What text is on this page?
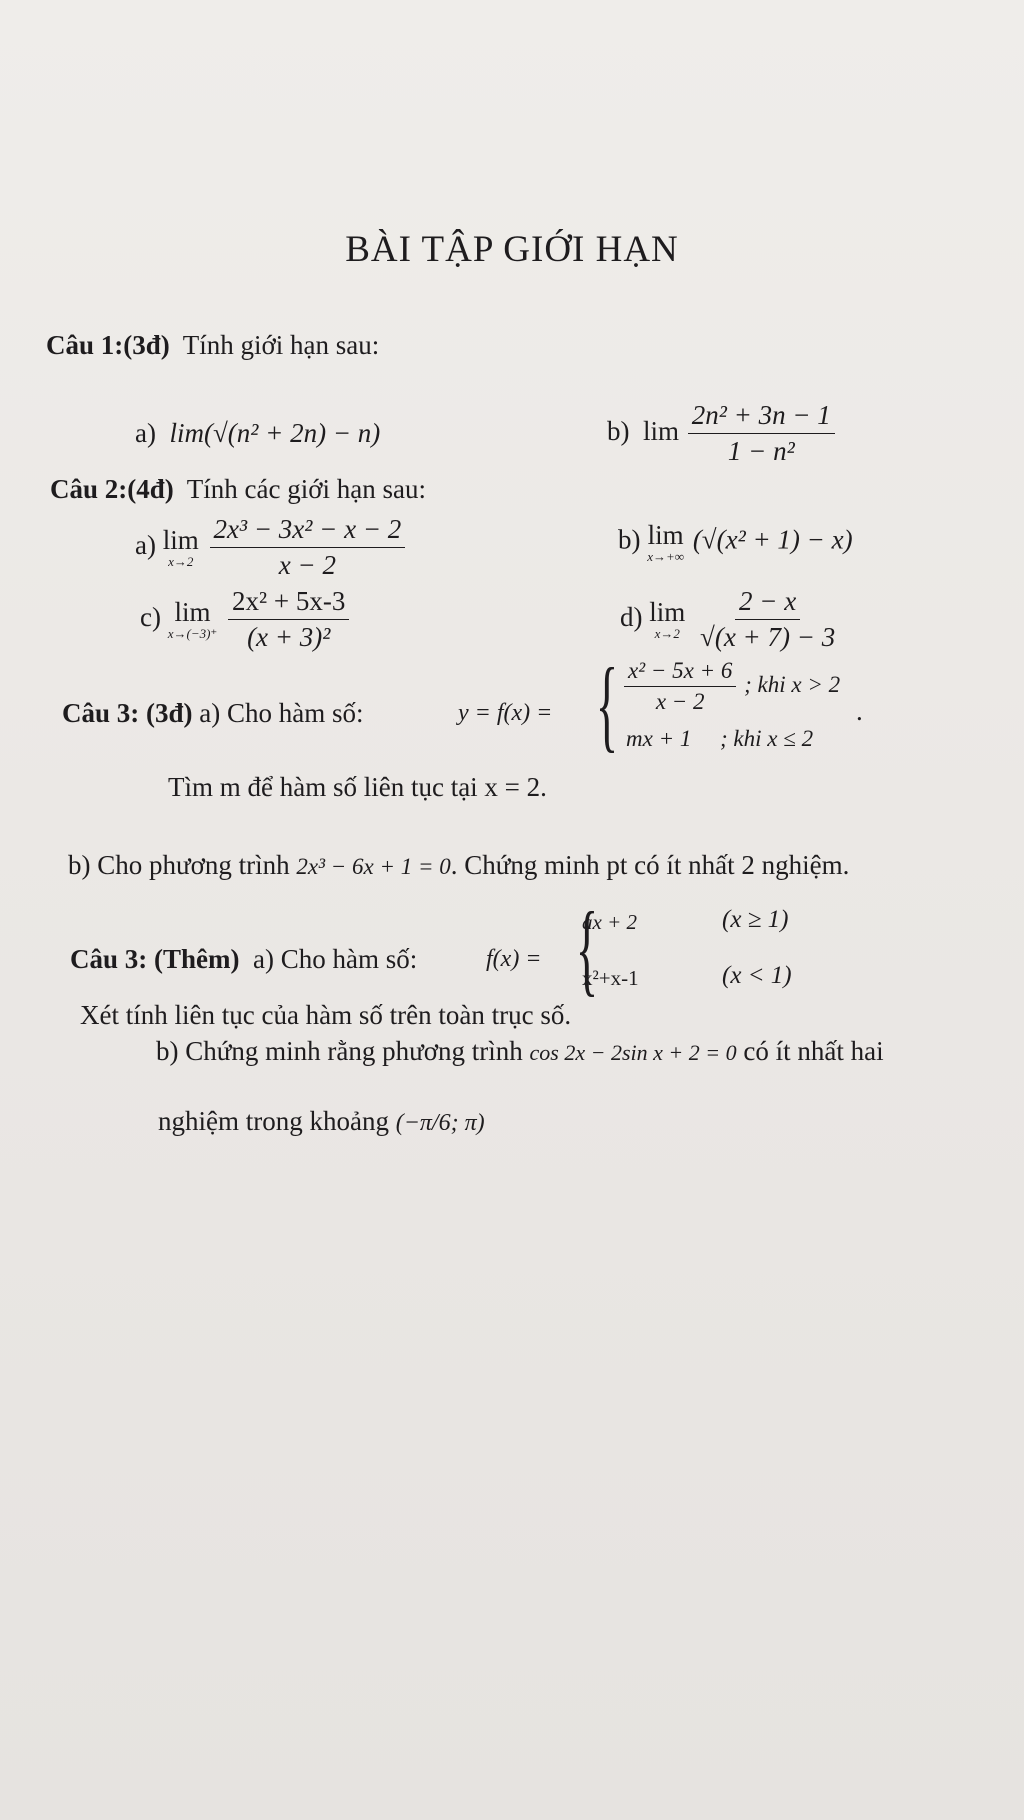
BÀI TẬP GIỚI HẠN
Câu 1:(3đ) Tính giới hạn sau:
a) lim(√(n² + 2n) − n)	b) $\lim \frac{\text{2n² + 3n − 1}}{\text{1 − n²}}$
Câu 2:(4đ) Tính các giới hạn sau:
a) lim
x→2
$\frac{\text{2x³ − 3x² − x − 2}}{x - 2}$	b) lim
x→+∞
(√(x² + 1) − x)
c) lim
x→(−3)⁺
$\frac{\text{2x² + 5x-3}}{\text{(x + 3)²}}$	d) lim
x→2
$\frac{2 - x}{√(x + 7) - 3}$
Câu 3: (3đ) a) Cho hàm số:	y = f(x) = { $\frac{\text{x² − 5x + 6}}{x - 2}$ ; khi x > 2
mx + 1 ; khi x ≤ 2
.
Tìm m để hàm số liên tục tại x = 2.
b) Cho phương trình 2x³ − 6x + 1 = 0. Chứng minh pt có ít nhất 2 nghiệm.
Câu 3: (Thêm) a) Cho hàm số:	f(x) = {
ax + 2	(x ≥ 1)
x²+x-1	(x < 1)
Xét tính liên tục của hàm số trên toàn trục số.
b) Chứng minh rằng phương trình cos 2x − 2sin x + 2 = 0 có ít nhất hai
nghiệm trong khoảng (−π/6; π)
